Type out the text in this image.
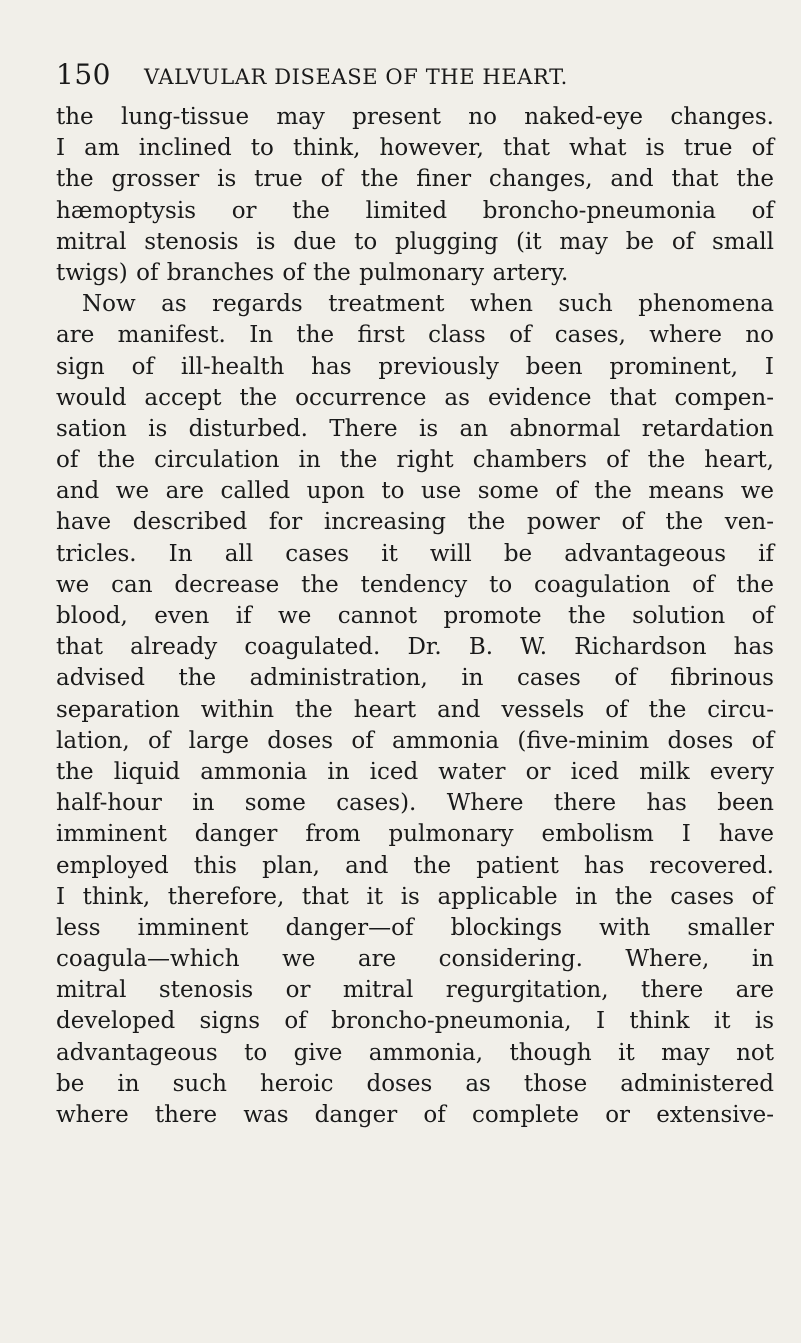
150	VALVULAR DISEASE OF THE HEART.
the lung-tissue may present no naked-eye changes.
I am inclined to think, however, that what is true of
the grosser is true of the finer changes, and that the
hæmoptysis or the limited broncho-pneumonia of
mitral stenosis is due to plugging (it may be of small
twigs) of branches of the pulmonary artery.
Now as regards treatment when such phenomena
are manifest. In the first class of cases, where no
sign of ill-health has previously been prominent, I
would accept the occurrence as evidence that compen-
sation is disturbed. There is an abnormal retardation
of the circulation in the right chambers of the heart,
and we are called upon to use some of the means we
have described for increasing the power of the ven-
tricles. In all cases it will be advantageous if
we can decrease the tendency to coagulation of the
blood, even if we cannot promote the solution of
that already coagulated. Dr. B. W. Richardson has
advised the administration, in cases of fibrinous
separation within the heart and vessels of the circu-
lation, of large doses of ammonia (five-minim doses of
the liquid ammonia in iced water or iced milk every
half-hour in some cases). Where there has been
imminent danger from pulmonary embolism I have
employed this plan, and the patient has recovered.
I think, therefore, that it is applicable in the cases of
less imminent danger—of blockings with smaller
coagula—which we are considering. Where, in
mitral stenosis or mitral regurgitation, there are
developed signs of broncho-pneumonia, I think it is
advantageous to give ammonia, though it may not
be in such heroic doses as those administered
where there was danger of complete or extensive-
